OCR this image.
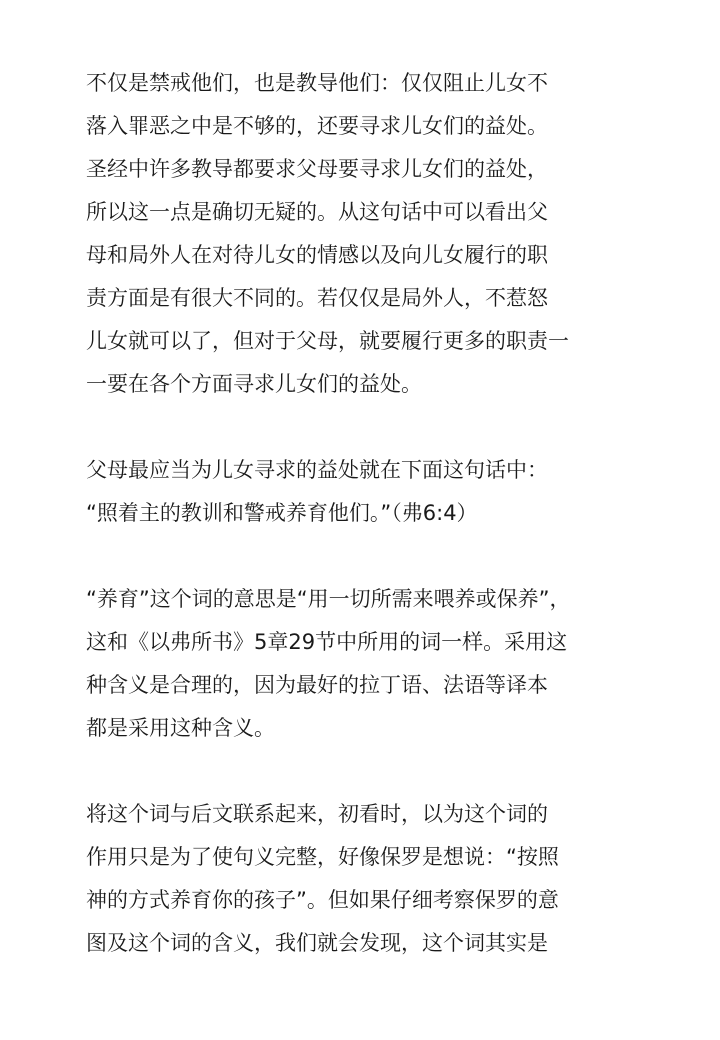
不仅是禁戒他们，也是教导他们：仅仅阻止儿女不
落入罪恶之中是不够的，还要寻求儿女们的益处。
圣经中许多教导都要求父母要寻求儿女们的益处，
所以这一点是确切无疑的。从这句话中可以看出父
母和局外人在对待儿女的情感以及向儿女履行的职
责方面是有很大不同的。若仅仅是局外人，不惹怒
儿女就可以了，但对于父母，就要履行更多的职责一
一要在各个方面寻求儿女们的益处。
父母最应当为儿女寻求的益处就在下面这句话中：
“照着主的教训和警戒养育他们。”（弗6:4）
“养育”这个词的意思是“用一切所需来喂养或保养”，
这和《以弗所书》5章29节中所用的词一样。采用这
种含义是合理的，因为最好的拉丁语、法语等译本
都是采用这种含义。
将这个词与后文联系起来，初看时，以为这个词的
作用只是为了使句义完整，好像保罗是想说：“按照
神的方式养育你的孩子”。但如果仔细考察保罗的意
图及这个词的含义，我们就会发现，这个词其实是
